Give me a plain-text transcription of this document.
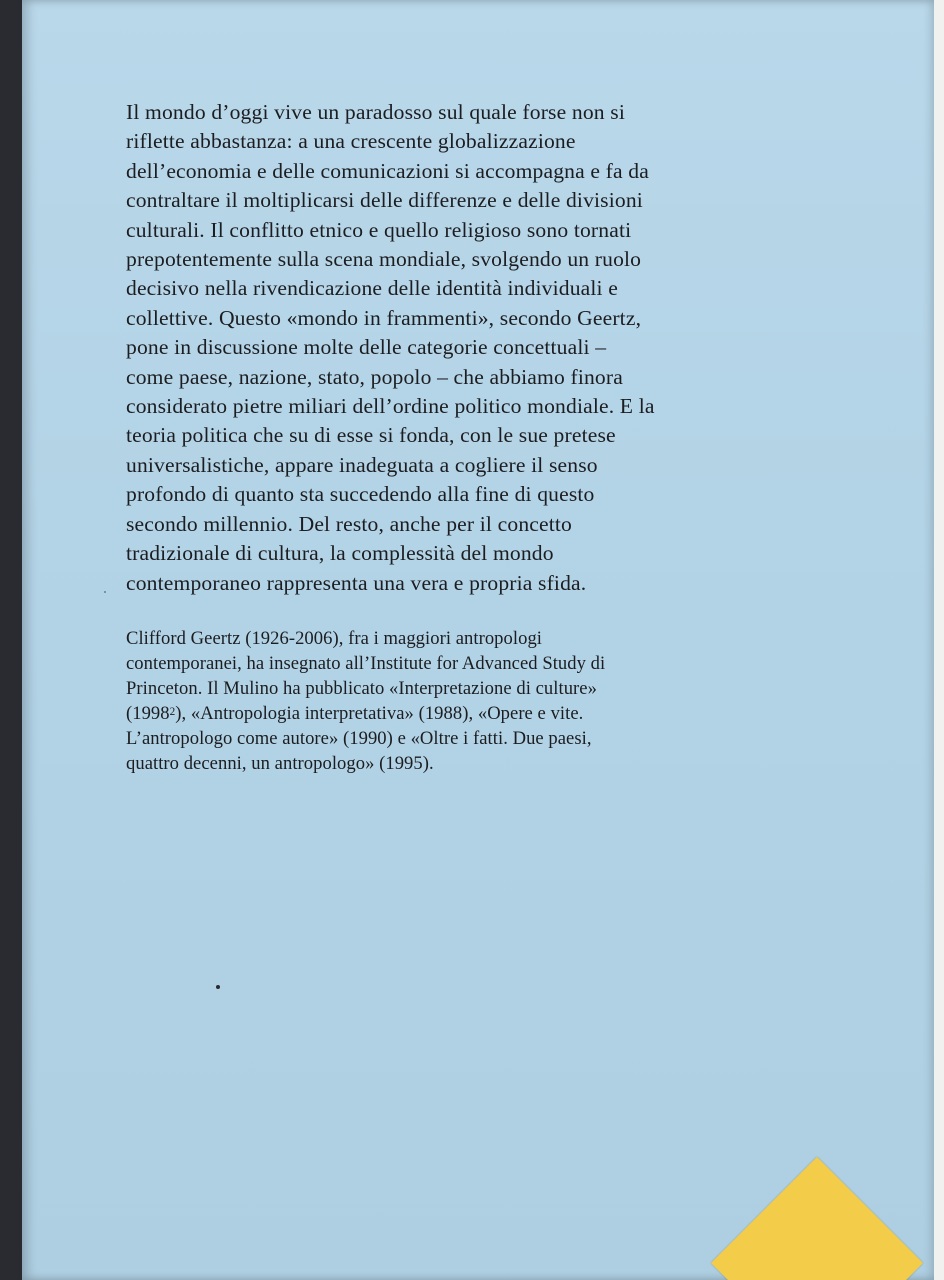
Il mondo d’oggi vive un paradosso sul quale forse non si

riflette abbastanza: a una crescente globalizzazione

dell’economia e delle comunicazioni si accompagna e fa da

contraltare il moltiplicarsi delle differenze e delle divisioni

culturali. Il conflitto etnico e quello religioso sono tornati

prepotentemente sulla scena mondiale, svolgendo un ruolo

decisivo nella rivendicazione delle identità individuali e

collettive. Questo «mondo in frammenti», secondo Geertz,

pone in discussione molte delle categorie concettuali –

come paese, nazione, stato, popolo – che abbiamo finora

considerato pietre miliari dell’ordine politico mondiale. E la

teoria politica che su di esse si fonda, con le sue pretese

universalistiche, appare inadeguata a cogliere il senso

profondo di quanto sta succedendo alla fine di questo

secondo millennio. Del resto, anche per il concetto

tradizionale di cultura, la complessità del mondo

contemporaneo rappresenta una vera e propria sfida.

Clifford Geertz (1926-2006), fra i maggiori antropologi

contemporanei, ha insegnato all’Institute for Advanced Study di

Princeton. Il Mulino ha pubblicato «Interpretazione di culture»

(1998$^2$), «Antropologia interpretativa» (1988), «Opere e vite.

L’antropologo come autore» (1990) e «Oltre i fatti. Due paesi,

quattro decenni, un antropologo» (1995).
